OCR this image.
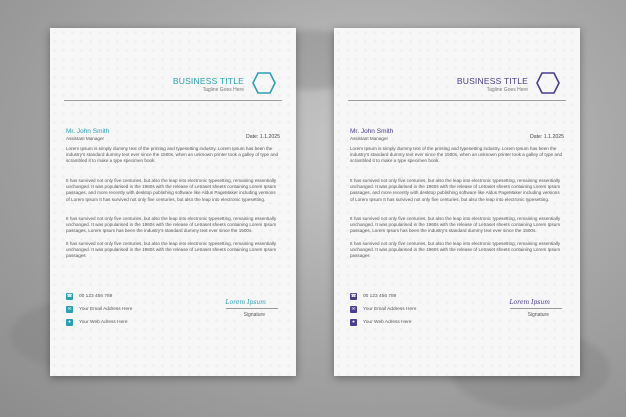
BUSINESS TITLE
Tagline Goes Here
Mr. John Smith
Assistant Manager	Date: 1.1.2025
Lorem Ipsum is simply dummy text of the printing and typesetting industry. Lorem Ipsum has been the industry's standard dummy text ever since the 1500s, when an unknown printer took a galley of type and scrambled it to make a type specimen book.
It has survived not only five centuries, but also the leap into electronic typesetting, remaining essentially unchanged. It was popularised in the 1960s with the release of Letraset sheets containing Lorem Ipsum passages, and more recently with desktop publishing software like Aldus PageMaker including versions of Lorem Ipsum It has survived not only five centuries, but also the leap into electronic typesetting.
It has survived not only five centuries, but also the leap into electronic typesetting, remaining essentially unchanged. It was popularised in the 1960s with the release of Letraset sheets containing Lorem Ipsum passages, Lorem Ipsum has been the industry's standard dummy text ever since the 1500s.
It has survived not only five centuries, but also the leap into electronic typesetting, remaining essentially unchanged. It was popularised in the 1960s with the release of Letraset sheets containing Lorem Ipsum passages
☎ 00 123 456 789
✉	Your Email Address Here
●	Your Web Adress Here
Lorem Ipsum
Signature
BUSINESS TITLE
Tagline Goes Here
Mr. John Smith
Assistant Manager	Date: 1.1.2025
Lorem Ipsum is simply dummy text of the printing and typesetting industry. Lorem Ipsum has been the industry's standard dummy text ever since the 1500s, when an unknown printer took a galley of type and scrambled it to make a type specimen book.
It has survived not only five centuries, but also the leap into electronic typesetting, remaining essentially unchanged. It was popularised in the 1960s with the release of Letraset sheets containing Lorem Ipsum passages, and more recently with desktop publishing software like Aldus PageMaker including versions of Lorem Ipsum It has survived not only five centuries, but also the leap into electronic typesetting.
It has survived not only five centuries, but also the leap into electronic typesetting, remaining essentially unchanged. It was popularised in the 1960s with the release of Letraset sheets containing Lorem Ipsum passages, Lorem Ipsum has been the industry's standard dummy text ever since the 1500s.
It has survived not only five centuries, but also the leap into electronic typesetting, remaining essentially unchanged. It was popularised in the 1960s with the release of Letraset sheets containing Lorem Ipsum passages
☎ 00 123 456 789
✉	Your Email Address Here
●	Your Web Adress Here
Lorem Ipsum
Signature
